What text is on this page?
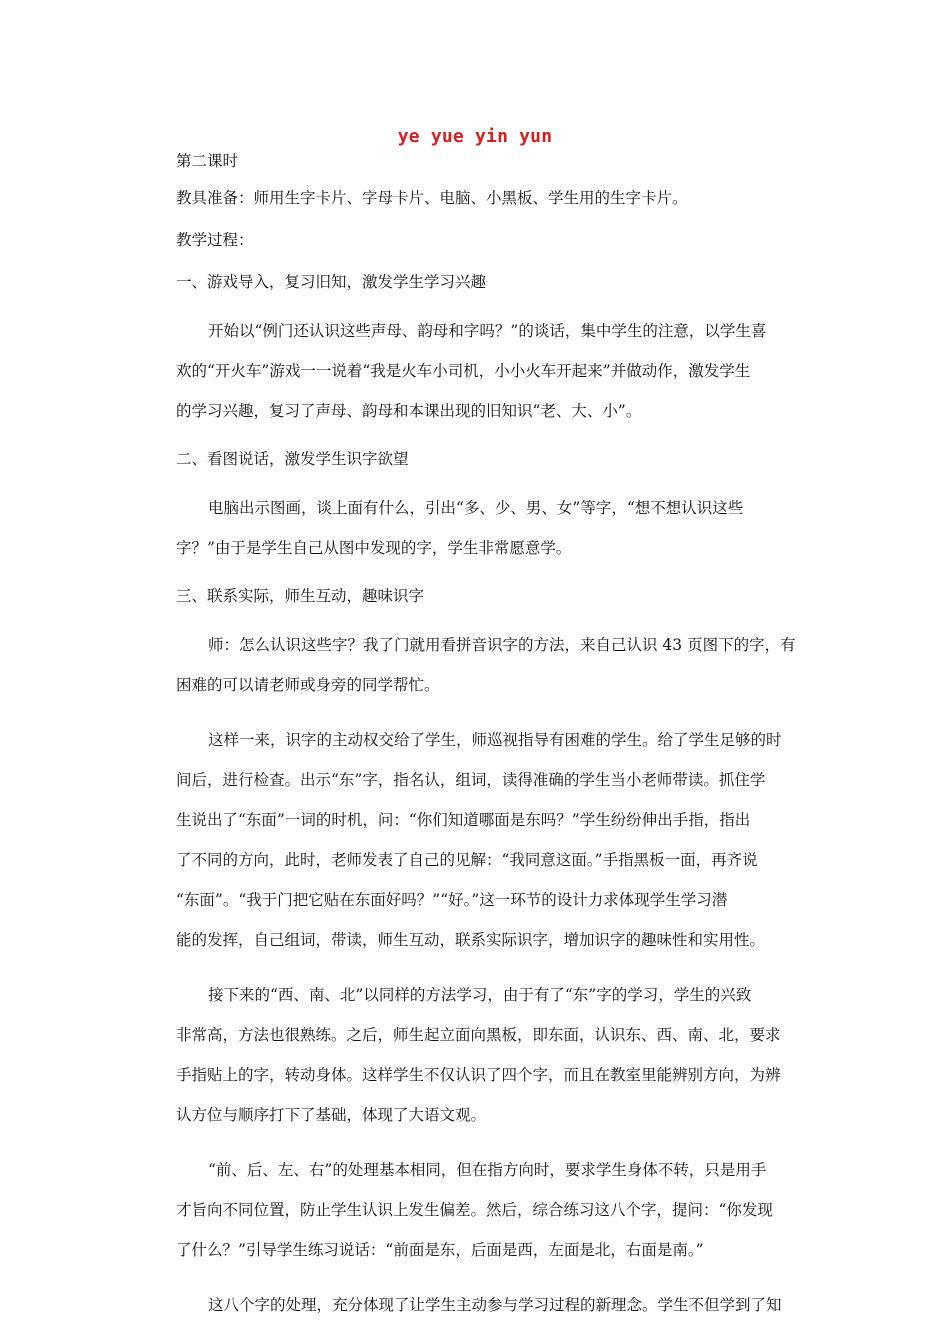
ye yue yin yun

第二课时

教具准备：师用生字卡片、字母卡片、电脑、小黑板、学生用的生字卡片。

教学过程：

一、游戏导入，复习旧知，激发学生学习兴趣

开始以“例门还认识这些声母、韵母和字吗？”的谈话，集中学生的注意，以学生喜
欢的“开火车”游戏一一说着“我是火车小司机，小小火车开起来”并做动作，激发学生
的学习兴趣，复习了声母、韵母和本课出现的旧知识“老、大、小”。

二、看图说话，激发学生识字欲望

电脑出示图画，谈上面有什么，引出“多、少、男、女”等字，“想不想认识这些
字？”由于是学生自己从图中发现的字，学生非常愿意学。

三、联系实际，师生互动，趣味识字

师：怎么认识这些字？我了门就用看拼音识字的方法，来自己认识 43 页图下的字，有
困难的可以请老师或身旁的同学帮忙。
这样一来，识字的主动权交给了学生，师巡视指导有困难的学生。给了学生足够的时
间后，进行检查。出示“东”字，指名认，组词，读得准确的学生当小老师带读。抓住学
生说出了“东面”一词的时机，问：“你们知道哪面是东吗？”学生纷纷伸出手指，指出
了不同的方向，此时，老师发表了自己的见解：“我同意这面。”手指黑板一面，再齐说
“东面”。“我于门把它贴在东面好吗？”“好。”这一环节的设计力求体现学生学习潜
能的发挥，自己组词，带读，师生互动，联系实际识字，增加识字的趣味性和实用性。
接下来的“西、南、北”以同样的方法学习，由于有了“东”字的学习，学生的兴致
非常高，方法也很熟练。之后，师生起立面向黑板，即东面，认识东、西、南、北，要求
手指贴上的字，转动身体。这样学生不仅认识了四个字，而且在教室里能辨别方向，为辨
认方位与顺序打下了基础，体现了大语文观。
“前、后、左、右”的处理基本相同，但在指方向时，要求学生身体不转，只是用手
才旨向不同位置，防止学生认识上发生偏差。然后，综合练习这八个字，提问：“你发现
了什么？”引导学生练习说话：“前面是东，后面是西，左面是北，右面是南。”
这八个字的处理，充分体现了让学生主动参与学习过程的新理念。学生不但学到了知
